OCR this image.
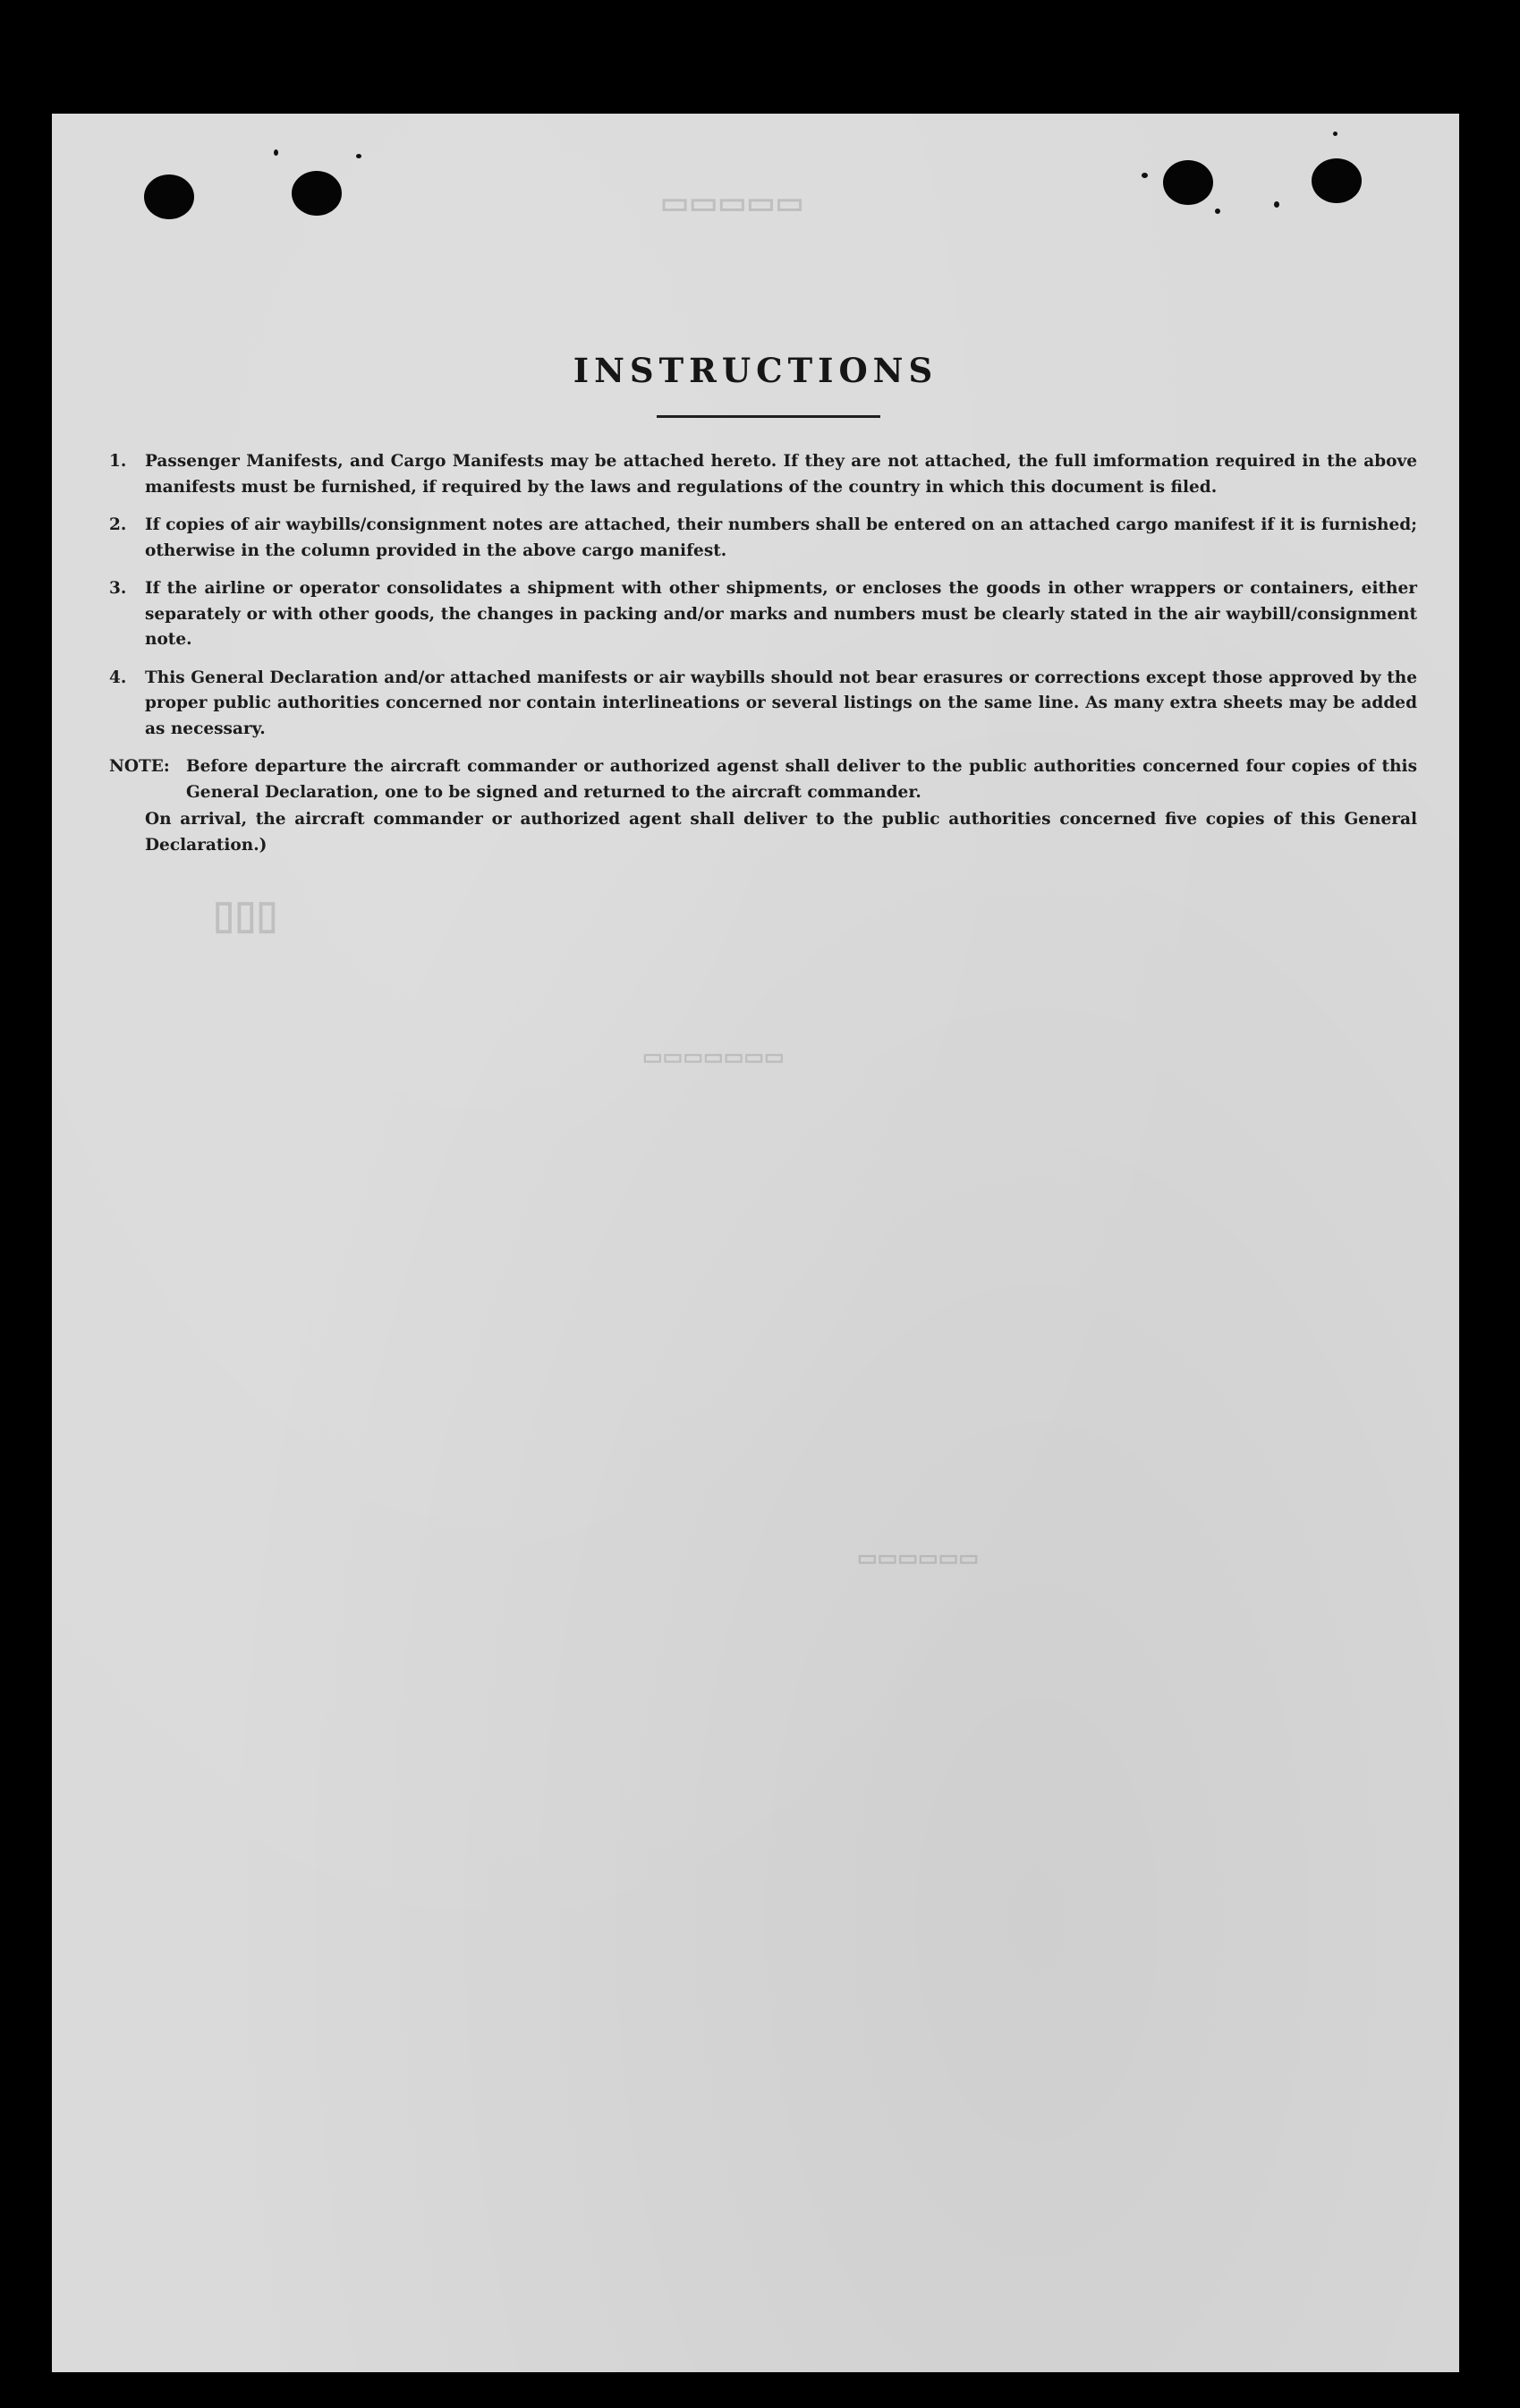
▭▭▭▭▭
▯▯▯
▭▭▭▭▭▭▭
▭▭▭▭▭▭
INSTRUCTIONS
1.	Passenger Manifests, and Cargo Manifests may be attached hereto. If they are not attached, the full imformation required in the above manifests must be furnished, if required by the laws and regulations of the country in which this document is filed.
2.	If copies of air waybills/consignment notes are attached, their numbers shall be entered on an attached cargo manifest if it is furnished; otherwise in the column provided in the above cargo manifest.
3.	If the airline or operator consolidates a shipment with other shipments, or encloses the goods in other wrappers or containers, either separately or with other goods, the changes in packing and/or marks and numbers must be clearly stated in the air waybill/consignment note.
4.	This General Declaration and/or attached manifests or air waybills should not bear erasures or corrections except those approved by the proper public authorities concerned nor contain interlineations or several listings on the same line. As many extra sheets may be added as necessary.
NOTE: Before departure the aircraft commander or authorized agenst shall deliver to the public authorities concerned four copies of this General Declaration, one to be signed and returned to the aircraft commander.
On arrival, the aircraft commander or authorized agent shall deliver to the public authorities concerned five copies of this General Declaration.)
